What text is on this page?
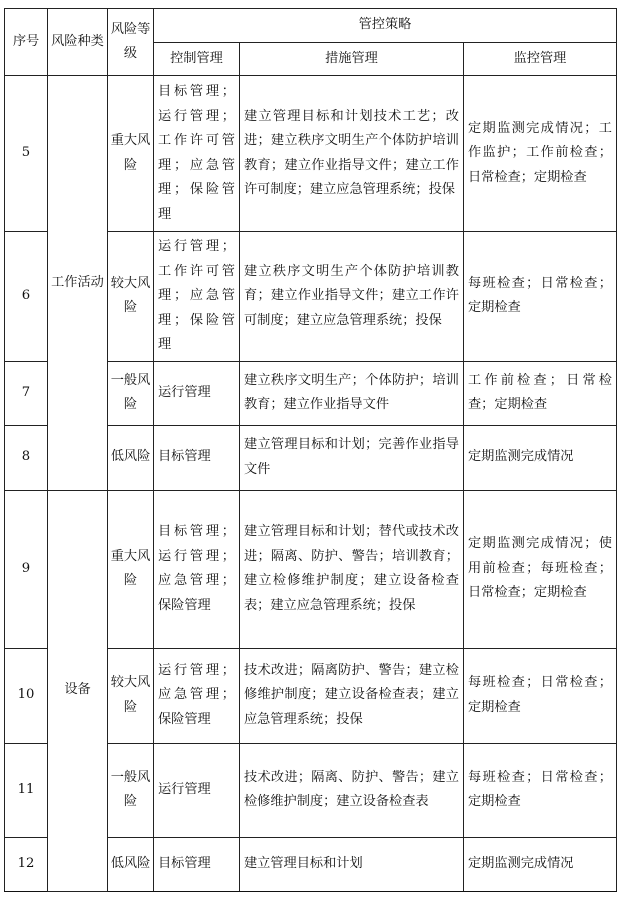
序号	风险种类	风险等级	管控策略		
			控制管理	措施管理	监控管理
5	工作活动	重大风险	目标管理；运行管理；工作许可管理；应急管理；保险管理	建立管理目标和计划技术工艺；改进；建立秩序文明生产个体防护培训教育；建立作业指导文件；建立工作许可制度；建立应急管理系统；投保	定期监测完成情况；工作监护；工作前检查；日常检查；定期检查
6		较大风险	运行管理；工作许可管理；应急管理；保险管理	建立秩序文明生产个体防护培训教育；建立作业指导文件；建立工作许可制度；建立应急管理系统；投保	每班检查；日常检查；定期检查
7		一般风险	运行管理	建立秩序文明生产；个体防护；培训教育；建立作业指导文件	工作前检查；日常检查；定期检查
8		低风险	目标管理	建立管理目标和计划；完善作业指导文件	定期监测完成情况
9	设备	重大风险	目标管理；运行管理；应急管理；保险管理	建立管理目标和计划；替代或技术改进；隔离、防护、警告；培训教育；建立检修维护制度；建立设备检查表；建立应急管理系统；投保	定期监测完成情况；使用前检查；每班检查；日常检查；定期检查
10		较大风险	运行管理；应急管理；保险管理	技术改进；隔离防护、警告；建立检修维护制度；建立设备检查表；建立应急管理系统；投保	每班检查；日常检查；定期检查
11		一般风险	运行管理	技术改进；隔离、防护、警告；建立检修维护制度；建立设备检查表	每班检查；日常检查；定期检查
12		低风险	目标管理	建立管理目标和计划	定期监测完成情况
